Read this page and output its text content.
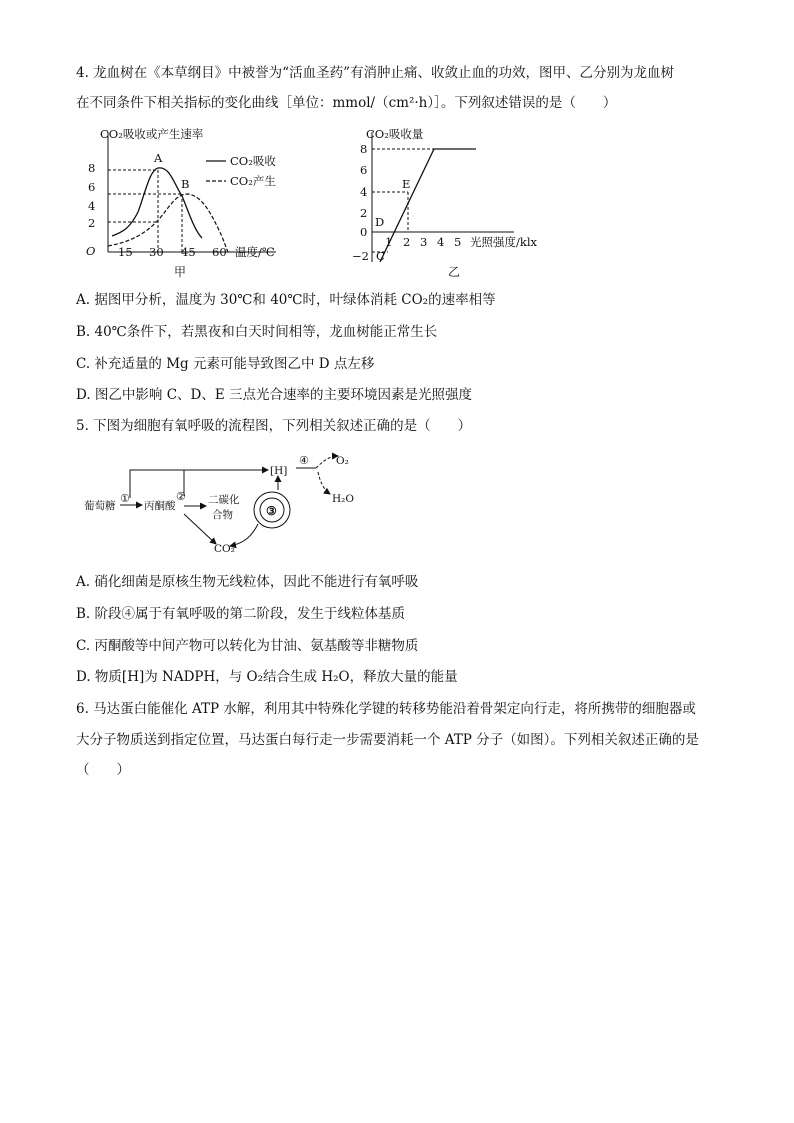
4. 龙血树在《本草纲目》中被誉为“活血圣药”有消肿止痛、收敛止血的功效，图甲、乙分别为龙血树
在不同条件下相关指标的变化曲线［单位：mmol/（cm²·h）］。下列叙述错误的是（　　）
CO₂吸收或产生速率
8
6
4
2
O 15 30 45 60 温度/℃
甲
A
B
CO₂吸收
CO₂产生
CO₂吸收量
8
6
4
2
0
−2
1 2 3 4 5 光照强度/klx
乙
C
D
E
A. 据图甲分析，温度为 30℃和 40℃时，叶绿体消耗 CO₂的速率相等
B. 40℃条件下，若黑夜和白天时间相等，龙血树能正常生长
C. 补充适量的 Mg 元素可能导致图乙中 D 点左移
D. 图乙中影响 C、D、E 三点光合速率的主要环境因素是光照强度
5. 下图为细胞有氧呼吸的流程图，下列相关叙述正确的是（　　）
葡萄糖
①
丙酮酸
②
[H]
二碳化
合物	③
CO₂
④	O₂
H₂O
A. 硝化细菌是原核生物无线粒体，因此不能进行有氧呼吸
B. 阶段④属于有氧呼吸的第二阶段，发生于线粒体基质
C. 丙酮酸等中间产物可以转化为甘油、氨基酸等非糖物质
D. 物质[H]为 NADPH，与 O₂结合生成 H₂O，释放大量的能量
6. 马达蛋白能催化 ATP 水解，利用其中特殊化学键的转移势能沿着骨架定向行走，将所携带的细胞器或
大分子物质送到指定位置，马达蛋白每行走一步需要消耗一个 ATP 分子（如图）。下列相关叙述正确的是
（　　）
